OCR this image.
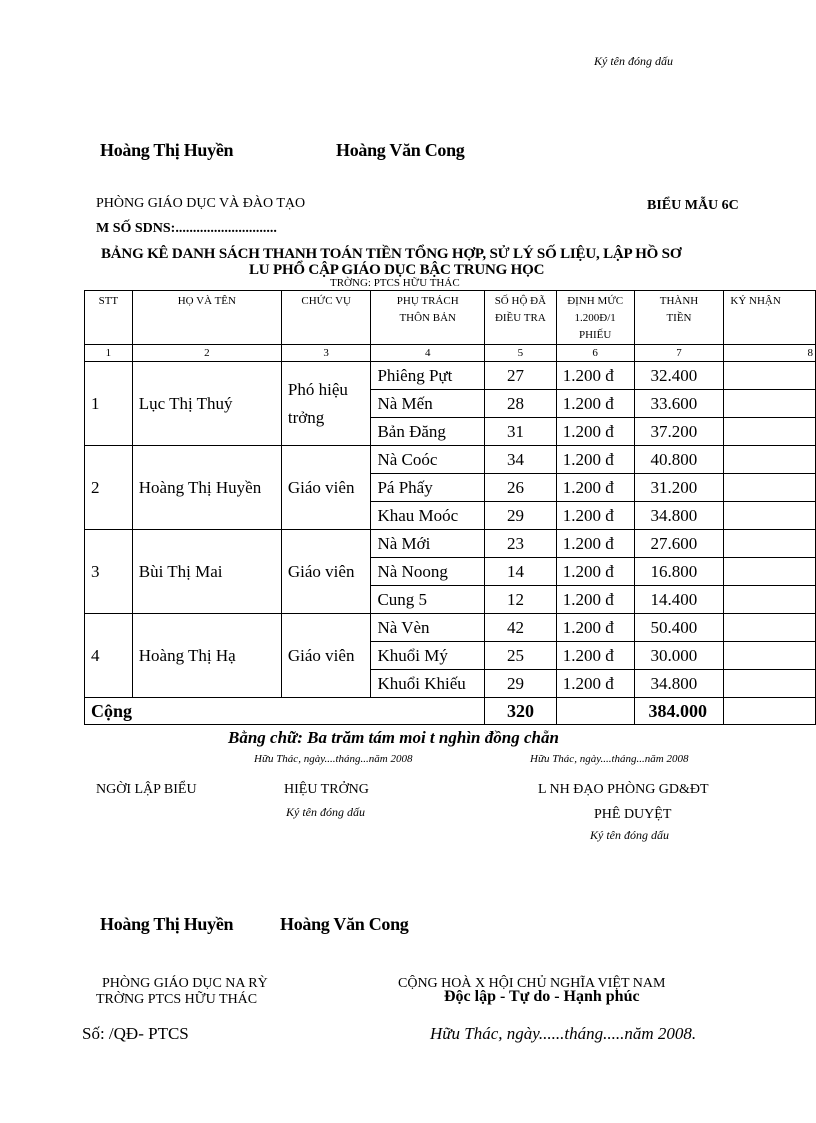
Ký tên đóng dấu
Hoàng Thị Huyền	Hoàng Văn Cong
PHÒNG GIÁO DỤC VÀ ĐÀO TẠO	BIỂU MẪU 6C
M SỐ SDNS:.............................
BẢNG KÊ DANH SÁCH THANH TOÁN TIỀN TỔNG HỢP, SỬ LÝ SỐ LIỆU, LẬP HỒ SƠ
LU PHỔ CẬP GIÁO DỤC BẬC TRUNG HỌC
TRỜNG: PTCS HỮU THÁC
STT	HỌ VÀ TÊN	CHỨC VỤ	PHỤ TRÁCH THÔN BẢN	SỐ HỘ ĐÃ ĐIỀU TRA	ĐỊNH MỨC 1.200Đ/1 PHIẾU	THÀNH TIỀN	KÝ NHẬN
1	2	3	4	5	6	7	8
1	Lục Thị Thuý	Phó hiệu trởng	Phiêng Pựt	27	1.200 đ	32.400	
			Nà Mến	28	1.200 đ	33.600	
			Bản Đăng	31	1.200 đ	37.200	
2	Hoàng Thị Huyền	Giáo viên	Nà Coóc	34	1.200 đ	40.800	
			Pá Phấy	26	1.200 đ	31.200	
			Khau Moóc	29	1.200 đ	34.800	
3	Bùi Thị Mai	Giáo viên	Nà Mới	23	1.200 đ	27.600	
			Nà Noong	14	1.200 đ	16.800	
			Cung 5	12	1.200 đ	14.400	
4	Hoàng Thị Hạ	Giáo viên	Nà Vèn	42	1.200 đ	50.400	
			Khuổi Mý	25	1.200 đ	30.000	
			Khuổi Khiếu	29	1.200 đ	34.800	
Cộng				320		384.000	
Bằng chữ: Ba trăm tám moi t nghìn đồng chẵn
Hữu Thác, ngày....tháng...năm 2008	Hữu Thác, ngày....tháng...năm 2008
NGỜI LẬP BIỂU	HIỆU TRỞNG
Ký tên đóng dấu
L NH ĐẠO PHÒNG GD&ĐT
PHÊ DUYỆT
Ký tên đóng dấu
Hoàng Thị Huyền	Hoàng Văn Cong
PHÒNG GIÁO DỤC NA RỲ
TRỜNG PTCS HỮU THÁC
CỘNG HOÀ X HỘI CHỦ NGHĨA VIỆT NAM
Độc lập - Tự do - Hạnh phúc
Số: /QĐ- PTCS	Hữu Thác, ngày......tháng.....năm 2008.
